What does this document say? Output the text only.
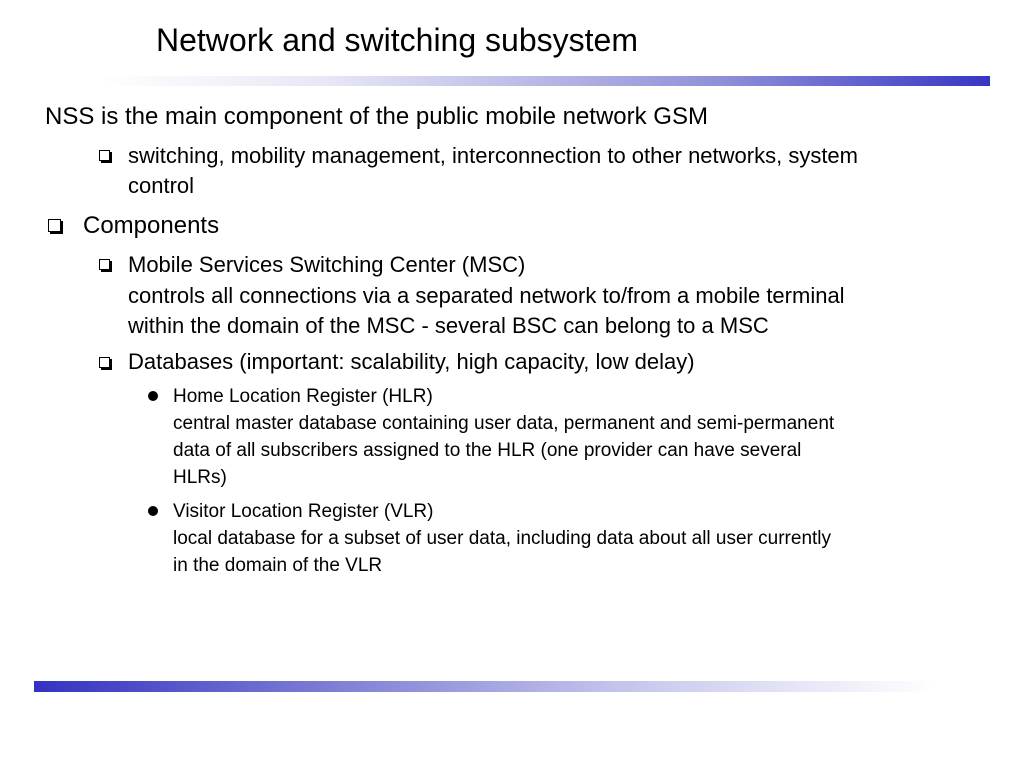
Network and switching subsystem
NSS is the main component of the public mobile network GSM
switching, mobility management, interconnection to other networks, system
control
Components
Mobile Services Switching Center (MSC)
controls all connections via a separated network to/from a mobile terminal
within the domain of the MSC - several BSC can belong to a MSC
Databases (important: scalability, high capacity, low delay)
Home Location Register (HLR)
central master database containing user data, permanent and semi-permanent
data of all subscribers assigned to the HLR (one provider can have several
HLRs)
Visitor Location Register (VLR)
local database for a subset of user data, including data about all user currently
in the domain of the VLR
